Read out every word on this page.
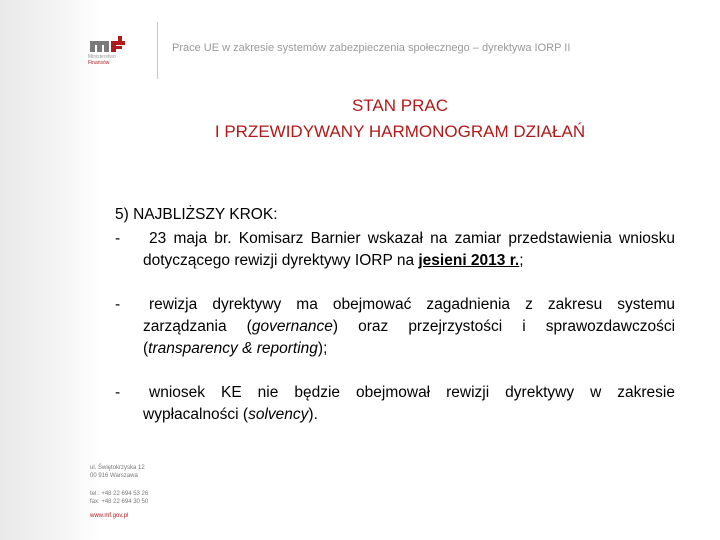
Ministerstwo
Finansów
Prace UE w zakresie systemów zabezpieczenia społecznego – dyrektywa IORP II
STAN PRAC
I PRZEWIDYWANY HARMONOGRAM DZIAŁAŃ
5) NAJBLIŻSZY KROK:
- 23 maja br. Komisarz Barnier wskazał na zamiar przedstawienia wniosku dotyczącego rewizji dyrektywy IORP na jesieni 2013 r.;
- rewizja dyrektywy ma obejmować zagadnienia z zakresu systemu zarządzania (governance) oraz przejrzystości i sprawozdawczości (transparency & reporting);
- wniosek KE nie będzie obejmował rewizji dyrektywy w zakresie wypłacalności (solvency).
ul. Świętokrzyska 12
00 916 Warszawa
tel.: +48 22 694 53 26
fax: +48 22 694 30 50
www.mf.gov.pl
